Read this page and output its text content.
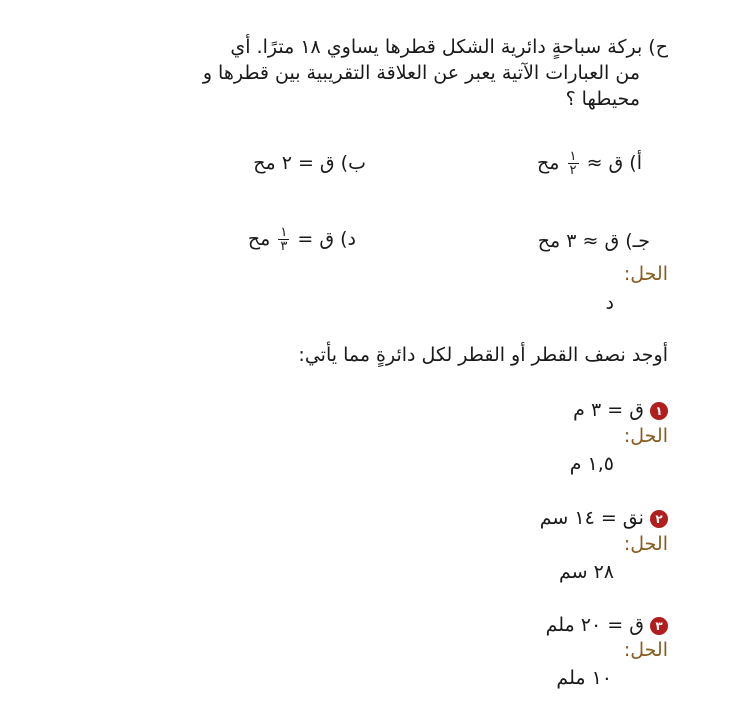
ح) بركة سباحةٍ دائرية الشكل قطرها يساوي ١٨ مترًا. أي
من العبارات الآتية يعبر عن العلاقة التقريبية بين قطرها و
محيطها ؟
أ) ق ≈
$\frac{١}{٢}$
مح
ب) ق = ٢ مح
جـ) ق ≈ ٣ مح
د) ق =
$\frac{١}{٣}$
مح
الحل:
د
أوجد نصف القطر أو القطر لكل دائرةٍ مما يأتي:
١ ق = ٣ م
الحل:
١,٥ م
٢ نق = ١٤ سم
الحل:
٢٨ سم
٣ ق = ٢٠ ملم
الحل:
١٠ ملم
